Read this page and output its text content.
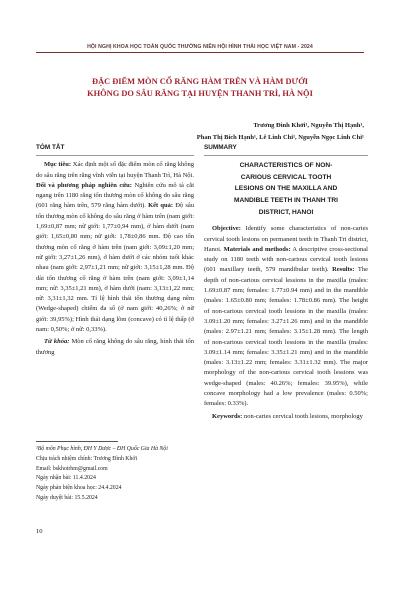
HỘI NGHỊ KHOA HỌC TOÀN QUỐC THƯỜNG NIÊN HỘI HÌNH THÁI HỌC VIỆT NAM - 2024
ĐẶC ĐIỂM MÒN CỔ RĂNG HÀM TRÊN VÀ HÀM DƯỚI
KHÔNG DO SÂU RĂNG TẠI HUYỆN THANH TRÌ, HÀ NỘI
Trương Đình Khởi¹, Nguyễn Thị Hạnh¹,
Phan Thị Bích Hạnh¹, Lê Linh Chi¹, Nguyễn Ngọc Linh Chi¹
TÓM TẮT

Mục tiêu: Xác định một số đặc điểm mòn cổ răng không do sâu răng trên răng vĩnh viễn tại huyện Thanh Trì, Hà Nội. Đối và phương pháp nghiên cứu: Nghiên cứu mô tả cắt ngang trên 1180 răng tổn thương mòn cổ không do sâu răng (601 răng hàm trên, 579 răng hàm dưới). Kết quả: Độ sâu tổn thương mòn cổ không do sâu răng ở hàm trên (nam giới: 1,69±0,87 mm; nữ giới: 1,77±0,94 mm), ở hàm dưới (nam giới: 1,65±0,80 mm; nữ giới: 1,78±0,86 mm. Độ cao tổn thương mòn cổ răng ở hàm trên (nam giới: 3,09±1,20 mm; nữ giới: 3,27±1,26 mm), ở hàm dưới ở các nhóm tuổi khác nhau (nam giới: 2,97±1,21 mm; nữ giới: 3,15±1,28 mm. Độ dài tổn thương cổ răng ở hàm trên (nam giới: 3,09±1,14 mm; nữ: 3,35±1,21 mm), ở hàm dưới (nam: 3,13±1,22 mm; nữ: 3,31±1,32 mm. Tỉ lệ hình thái tổn thương dạng nêm (Wedge-shaped) chiếm đa số (ở nam giới: 40,26%; ở nữ giới: 39,95%); Hình thái dạng lõm (concave) có tỉ lệ thấp (ở nam: 0,50%; ở nữ: 0,33%).

Từ khóa: Mòn cổ răng không do sâu răng, hình thái tổn thương

SUMMARY
CHARACTERISTICS OF NON-
CARIOUS CERVICAL TOOTH
LESIONS ON THE MAXILLA AND
MANDIBLE TEETH IN THANH TRI
DISTRICT, HANOI

Objective: Identify some characteristics of non-caries cervical tooth lesions on permanent teeth in Thanh Tri district, Hanoi. Materials and methods: A descriptive cross-sectional study on 1180 teeth with non-carious cervical tooth lesions (601 maxillary teeth, 579 mandibular teeth). Results: The depth of non-carious cervical lessions in the maxilla (males: 1.69±0.87 mm; females: 1.77±0.94 mm) and in the mandible (males: 1.65±0.80 mm; females: 1.78±0.86 mm). The height of non-carious cervical tooth lessions in the maxilla (males: 3.09±1.20 mm; females: 3.27±1.26 mm) and in the mandible (males: 2.97±1.21 mm; females: 3.15±1.28 mm). The length of non-carious cervical tooth lessions in the maxilla (males: 3.09±1.14 mm; females: 3.35±1.21 mm) and in the mandible (males: 3.13±1.22 mm; females: 3.31±1.32 mm). The major morphology of the non-carious cervical tooth lessions was wedge-shaped (males: 40.26%; females: 39.95%), while concave morphology had a low prevalence (males: 0.50%; females: 0.33%).

Keywords: non-caries cervical tooth lesions, morphology

¹Bộ môn Phục hình, ĐH Y Dược – ĐH Quốc Gia Hà Nội
Chịu trách nhiệm chính: Trương Đình Khởi
Email: bskhoirhm@gmail.com
Ngày nhận bài: 11.4.2024
Ngày phản biện khoa học: 24.4.2024
Ngày duyệt bài: 15.5.2024
10
